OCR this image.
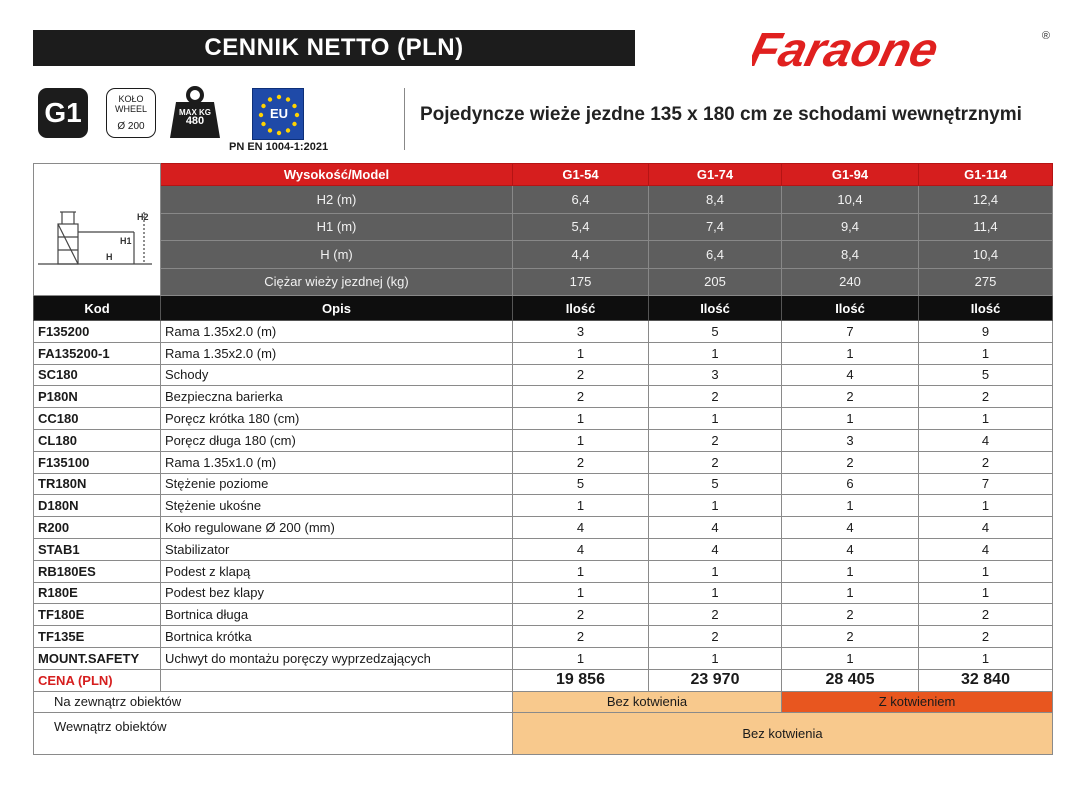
CENNIK NETTO (PLN)	Faraone	®
G1	KOŁO
WHEEL
Ø 200
MAX KG
480	EU
PN EN 1004-1:2021
Pojedyncze wieże jezdne 135 x 180 cm ze schodami wewnętrznymi
H2
H1
H	Wysokość/Model	G1-54	G1-74	G1-94	G1-114
	H2 (m)	6,4	8,4	10,4	12,4
	H1 (m)	5,4	7,4	9,4	11,4
	H (m)	4,4	6,4	8,4	10,4
	Ciężar wieży jezdnej (kg)	175	205	240	275
Kod	Opis	Ilość	Ilość	Ilość	Ilość
F135200	Rama 1.35x2.0 (m)	3	5	7	9
FA135200-1	Rama 1.35x2.0 (m)	1	1	1	1
SC180	Schody	2	3	4	5
P180N	Bezpieczna barierka	2	2	2	2
CC180	Poręcz krótka 180 (cm)	1	1	1	1
CL180	Poręcz długa 180 (cm)	1	2	3	4
F135100	Rama 1.35x1.0 (m)	2	2	2	2
TR180N	Stężenie poziome	5	5	6	7
D180N	Stężenie ukośne	1	1	1	1
R200	Koło regulowane Ø 200 (mm)	4	4	4	4
STAB1	Stabilizator	4	4	4	4
RB180ES	Podest z klapą	1	1	1	1
R180E	Podest bez klapy	1	1	1	1
TF180E	Bortnica długa	2	2	2	2
TF135E	Bortnica krótka	2	2	2	2
MOUNT.SAFETY	Uchwyt do montażu poręczy wyprzedzających	1	1	1	1
CENA (PLN)		19 856	23 970	28 405	32 840
Na zewnątrz obiektów		Bez kotwienia		Z kotwieniem	
Wewnątrz obiektów		Bez kotwienia			
